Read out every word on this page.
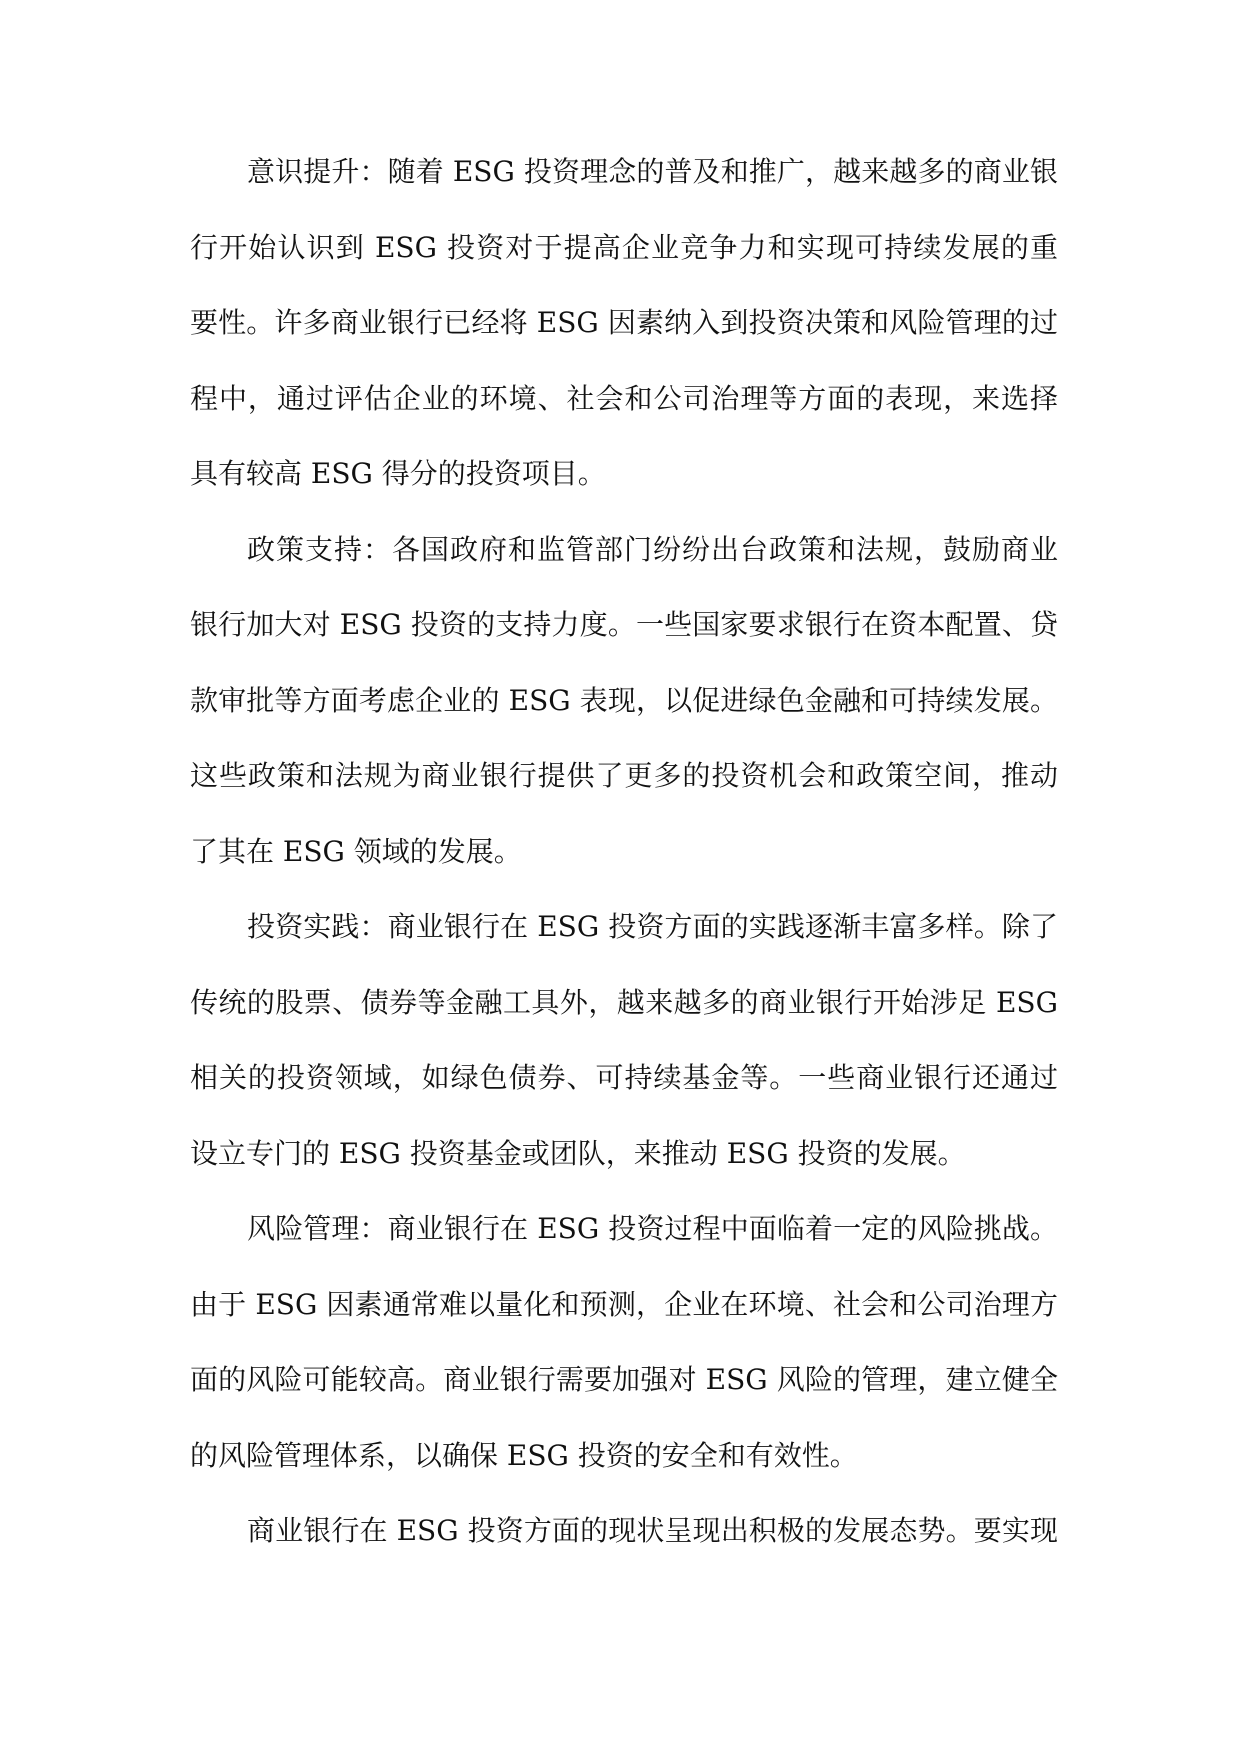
意识提升：随着 ESG 投资理念的普及和推广，越来越多的商业银
行开始认识到 ESG 投资对于提高企业竞争力和实现可持续发展的重
要性。许多商业银行已经将 ESG 因素纳入到投资决策和风险管理的过
程中，通过评估企业的环境、社会和公司治理等方面的表现，来选择
具有较高 ESG 得分的投资项目。
政策支持：各国政府和监管部门纷纷出台政策和法规，鼓励商业
银行加大对 ESG 投资的支持力度。一些国家要求银行在资本配置、贷
款审批等方面考虑企业的 ESG 表现，以促进绿色金融和可持续发展。
这些政策和法规为商业银行提供了更多的投资机会和政策空间，推动
了其在 ESG 领域的发展。
投资实践：商业银行在 ESG 投资方面的实践逐渐丰富多样。除了
传统的股票、债券等金融工具外，越来越多的商业银行开始涉足 ESG
相关的投资领域，如绿色债券、可持续基金等。一些商业银行还通过
设立专门的 ESG 投资基金或团队，来推动 ESG 投资的发展。
风险管理：商业银行在 ESG 投资过程中面临着一定的风险挑战。
由于 ESG 因素通常难以量化和预测，企业在环境、社会和公司治理方
面的风险可能较高。商业银行需要加强对 ESG 风险的管理，建立健全
的风险管理体系，以确保 ESG 投资的安全和有效性。
商业银行在 ESG 投资方面的现状呈现出积极的发展态势。要实现
